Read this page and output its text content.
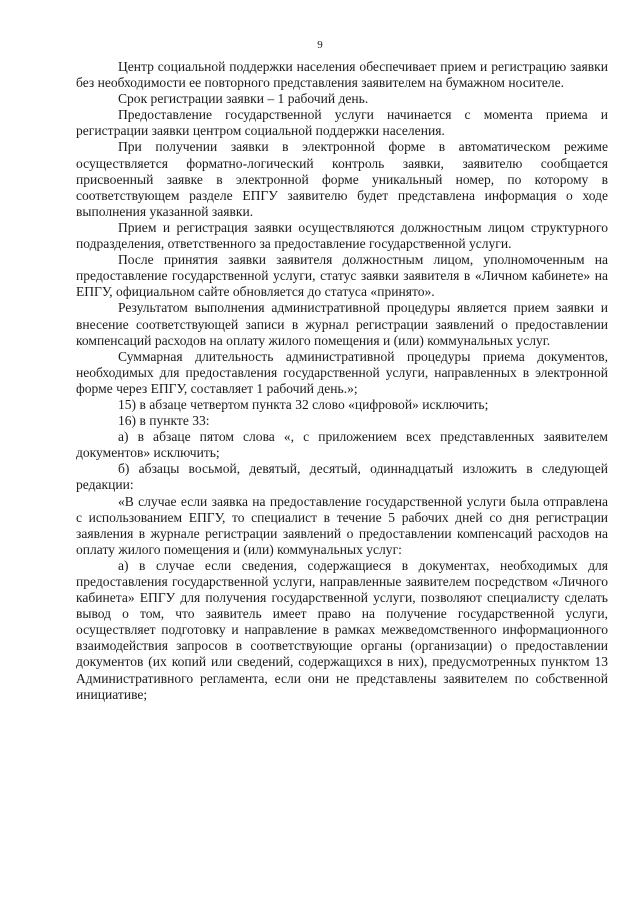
9

Центр социальной поддержки населения обеспечивает прием и регистрацию заявки без необходимости ее повторного представления заявителем на бумажном носителе.

Срок регистрации заявки – 1 рабочий день.

Предоставление государственной услуги начинается с момента приема и регистрации заявки центром социальной поддержки населения.

При получении заявки в электронной форме в автоматическом режиме осуществляется форматно-логический контроль заявки, заявителю сообщается присвоенный заявке в электронной форме уникальный номер, по которому в соответствующем разделе ЕПГУ заявителю будет представлена информация о ходе выполнения указанной заявки.

Прием и регистрация заявки осуществляются должностным лицом структурного подразделения, ответственного за предоставление государственной услуги.

После принятия заявки заявителя должностным лицом, уполномоченным на предоставление государственной услуги, статус заявки заявителя в «Личном кабинете» на ЕПГУ, официальном сайте обновляется до статуса «принято».

Результатом выполнения административной процедуры является прием заявки и внесение соответствующей записи в журнал регистрации заявлений о предоставлении компенсаций расходов на оплату жилого помещения и (или) коммунальных услуг.

Суммарная длительность административной процедуры приема документов, необходимых для предоставления государственной услуги, направленных в электронной форме через ЕПГУ, составляет 1 рабочий день.»;

15) в абзаце четвертом пункта 32 слово «цифровой» исключить;

16) в пункте 33:

а) в абзаце пятом слова «, с приложением всех представленных заявителем документов» исключить;

б) абзацы восьмой, девятый, десятый, одиннадцатый изложить в следующей редакции:

«В случае если заявка на предоставление государственной услуги была отправлена с использованием ЕПГУ, то специалист в течение 5 рабочих дней со дня регистрации заявления в журнале регистрации заявлений о предоставлении компенсаций расходов на оплату жилого помещения и (или) коммунальных услуг:

а) в случае если сведения, содержащиеся в документах, необходимых для предоставления государственной услуги, направленные заявителем посредством «Личного кабинета» ЕПГУ для получения государственной услуги, позволяют специалисту сделать вывод о том, что заявитель имеет право на получение государственной услуги, осуществляет подготовку и направление в рамках межведомственного информационного взаимодействия запросов в соответствующие органы (организации) о предоставлении документов (их копий или сведений, содержащихся в них), предусмотренных пунктом 13 Административного регламента, если они не представлены заявителем по собственной инициативе;
